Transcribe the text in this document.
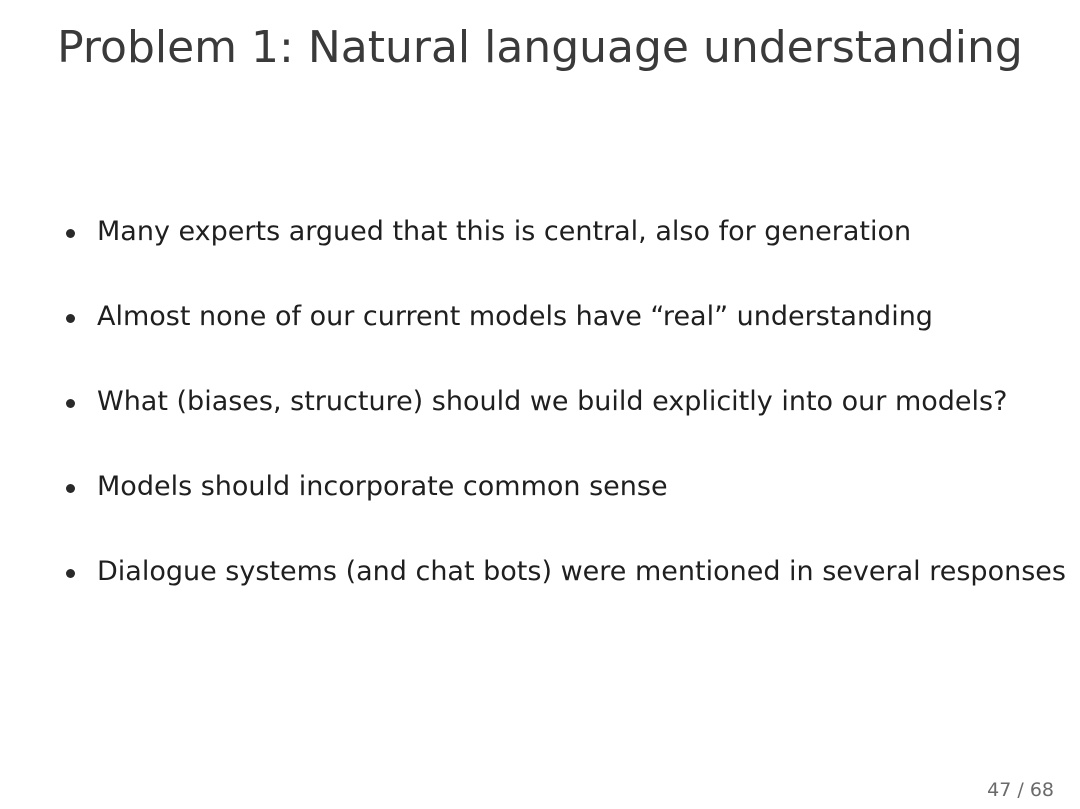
Problem 1: Natural language understanding
Many experts argued that this is central, also for generation
Almost none of our current models have “real” understanding
What (biases, structure) should we build explicitly into our models?
Models should incorporate common sense
Dialogue systems (and chat bots) were mentioned in several responses
47 / 68
